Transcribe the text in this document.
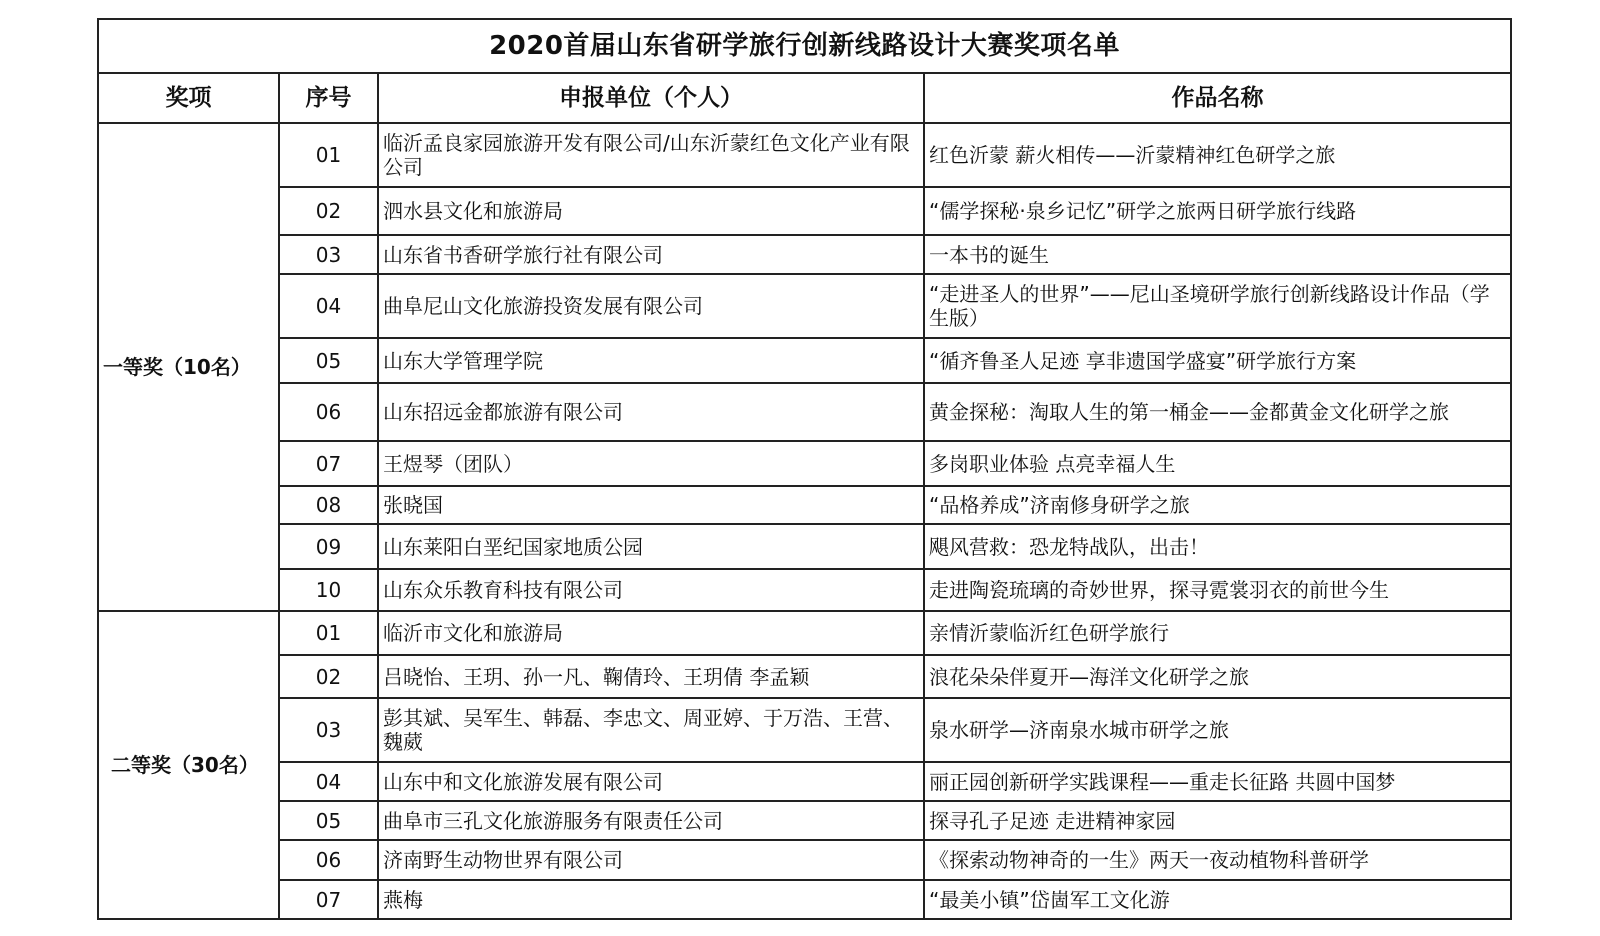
2020首届山东省研学旅行创新线路设计大赛奖项名单			
奖项	序号	申报单位（个人）	作品名称
一等奖（10名）	01	临沂孟良家园旅游开发有限公司/山东沂蒙红色文化产业有限公司	红色沂蒙 薪火相传——沂蒙精神红色研学之旅
	02	泗水县文化和旅游局	“儒学探秘·泉乡记忆”研学之旅两日研学旅行线路
	03	山东省书香研学旅行社有限公司	一本书的诞生
	04	曲阜尼山文化旅游投资发展有限公司	“走进圣人的世界”——尼山圣境研学旅行创新线路设计作品（学生版）
	05	山东大学管理学院	“循齐鲁圣人足迹 享非遗国学盛宴”研学旅行方案
	06	山东招远金都旅游有限公司	黄金探秘：淘取人生的第一桶金——金都黄金文化研学之旅
	07	王煜琴（团队）	多岗职业体验 点亮幸福人生
	08	张晓国	“品格养成”济南修身研学之旅
	09	山东莱阳白垩纪国家地质公园	飓风营救：恐龙特战队，出击！
	10	山东众乐教育科技有限公司	走进陶瓷琉璃的奇妙世界，探寻霓裳羽衣的前世今生
二等奖（30名）	01	临沂市文化和旅游局	亲情沂蒙临沂红色研学旅行
	02	吕晓怡、王玥、孙一凡、鞠倩玲、王玥倩 李孟颖	浪花朵朵伴夏开—海洋文化研学之旅
	03	彭其斌、吴军生、韩磊、李忠文、周亚婷、于万浩、王营、魏葳	泉水研学—济南泉水城市研学之旅
	04	山东中和文化旅游发展有限公司	丽正园创新研学实践课程——重走长征路 共圆中国梦
	05	曲阜市三孔文化旅游服务有限责任公司	探寻孔子足迹 走进精神家园
	06	济南野生动物世界有限公司	《探索动物神奇的一生》两天一夜动植物科普研学
	07	燕梅	“最美小镇”岱崮军工文化游
